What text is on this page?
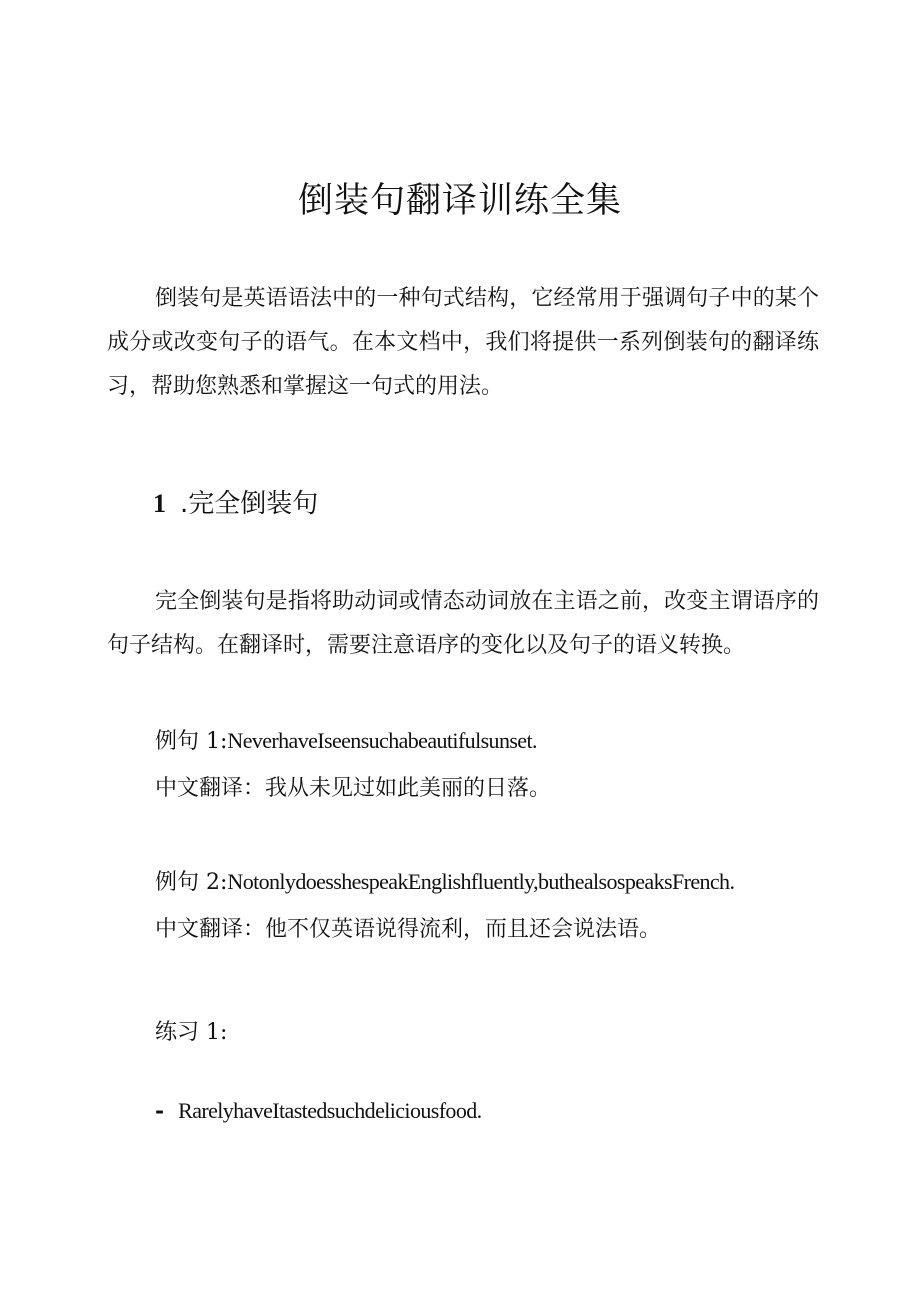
倒装句翻译训练全集

倒装句是英语语法中的一种句式结构，它经常用于强调句子中的某个成分或改变句子的语气。在本文档中，我们将提供一系列倒装句的翻译练习，帮助您熟悉和掌握这一句式的用法。

1 .完全倒装句

完全倒装句是指将助动词或情态动词放在主语之前，改变主谓语序的句子结构。在翻译时，需要注意语序的变化以及句子的语义转换。

例句 1:NeverhaveIseensuchabeautifulsunset.
中文翻译：我从未见过如此美丽的日落。
例句 2:NotonlydoesshespeakEnglishfluently,buthealsospeaksFrench.
中文翻译：他不仅英语说得流利，而且还会说法语。
练习 1:
- RarelyhaveItastedsuchdeliciousfood.
